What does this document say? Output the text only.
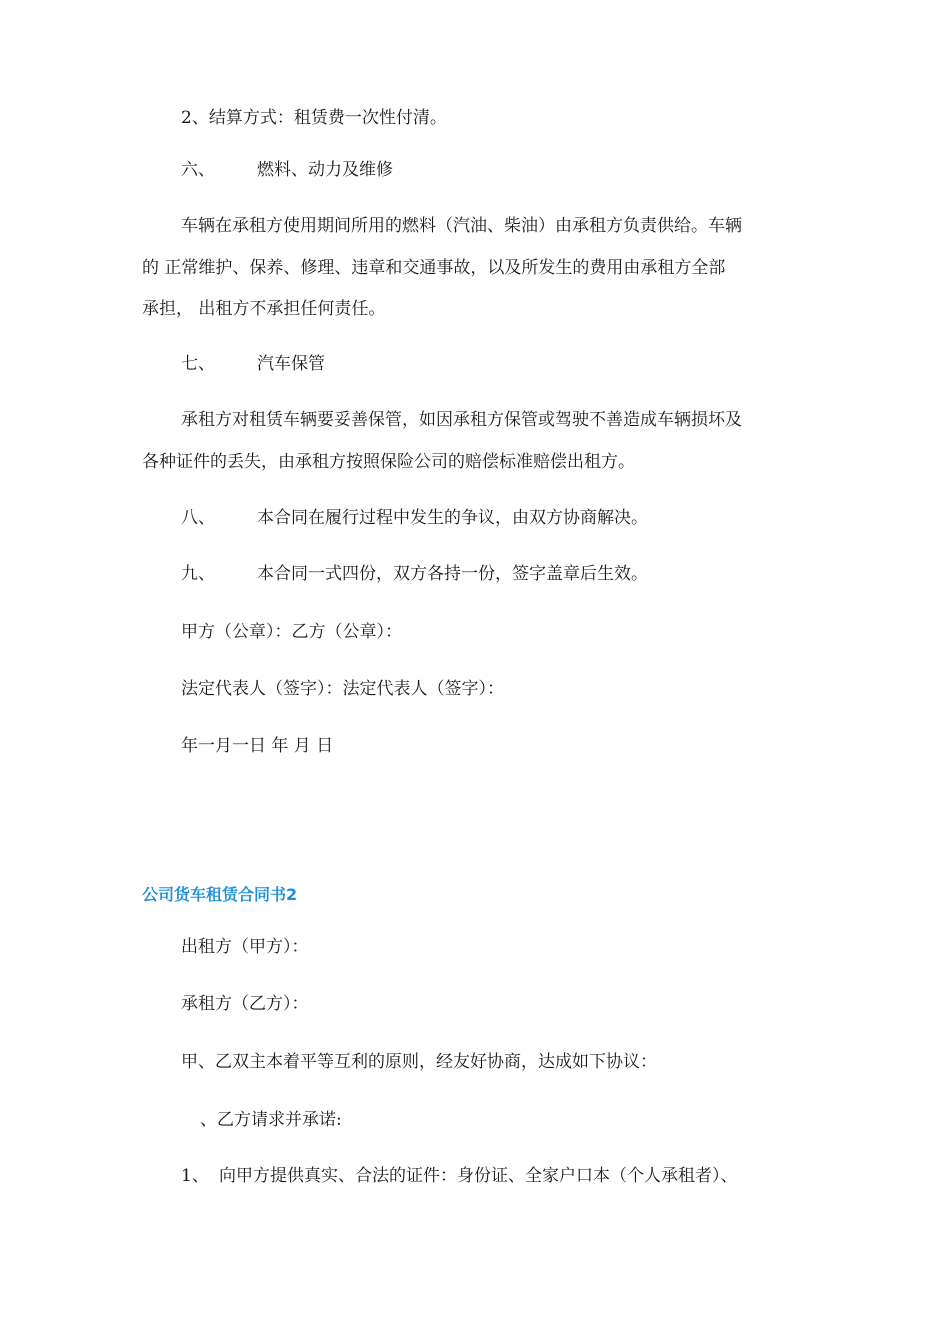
2、结算方式：租赁费一次性付清。

六、 燃料、动力及维修

车辆在承租方使用期间所用的燃料（汽油、柴油）由承租方负责供给。车辆

的 正常维护、保养、修理、违章和交通事故，以及所发生的费用由承租方全部

承担， 出租方不承担任何责任。

七、 汽车保管

承租方对租赁车辆要妥善保管，如因承租方保管或驾驶不善造成车辆损坏及

各种证件的丢失，由承租方按照保险公司的赔偿标准赔偿出租方。

八、 本合同在履行过程中发生的争议，由双方协商解决。

九、 本合同一式四份，双方各持一份，签字盖章后生效。

甲方（公章）：乙方（公章）：

法定代表人（签字）：法定代表人（签字）：

年一月一日 年 月 日

公司货车租赁合同书2

出租方（甲方）：

承租方（乙方）：

甲、乙双主本着平等互利的原则，经友好协商，达成如下协议：

、乙方请求并承诺:

1、 向甲方提供真实、合法的证件：身份证、全家户口本（个人承租者）、
